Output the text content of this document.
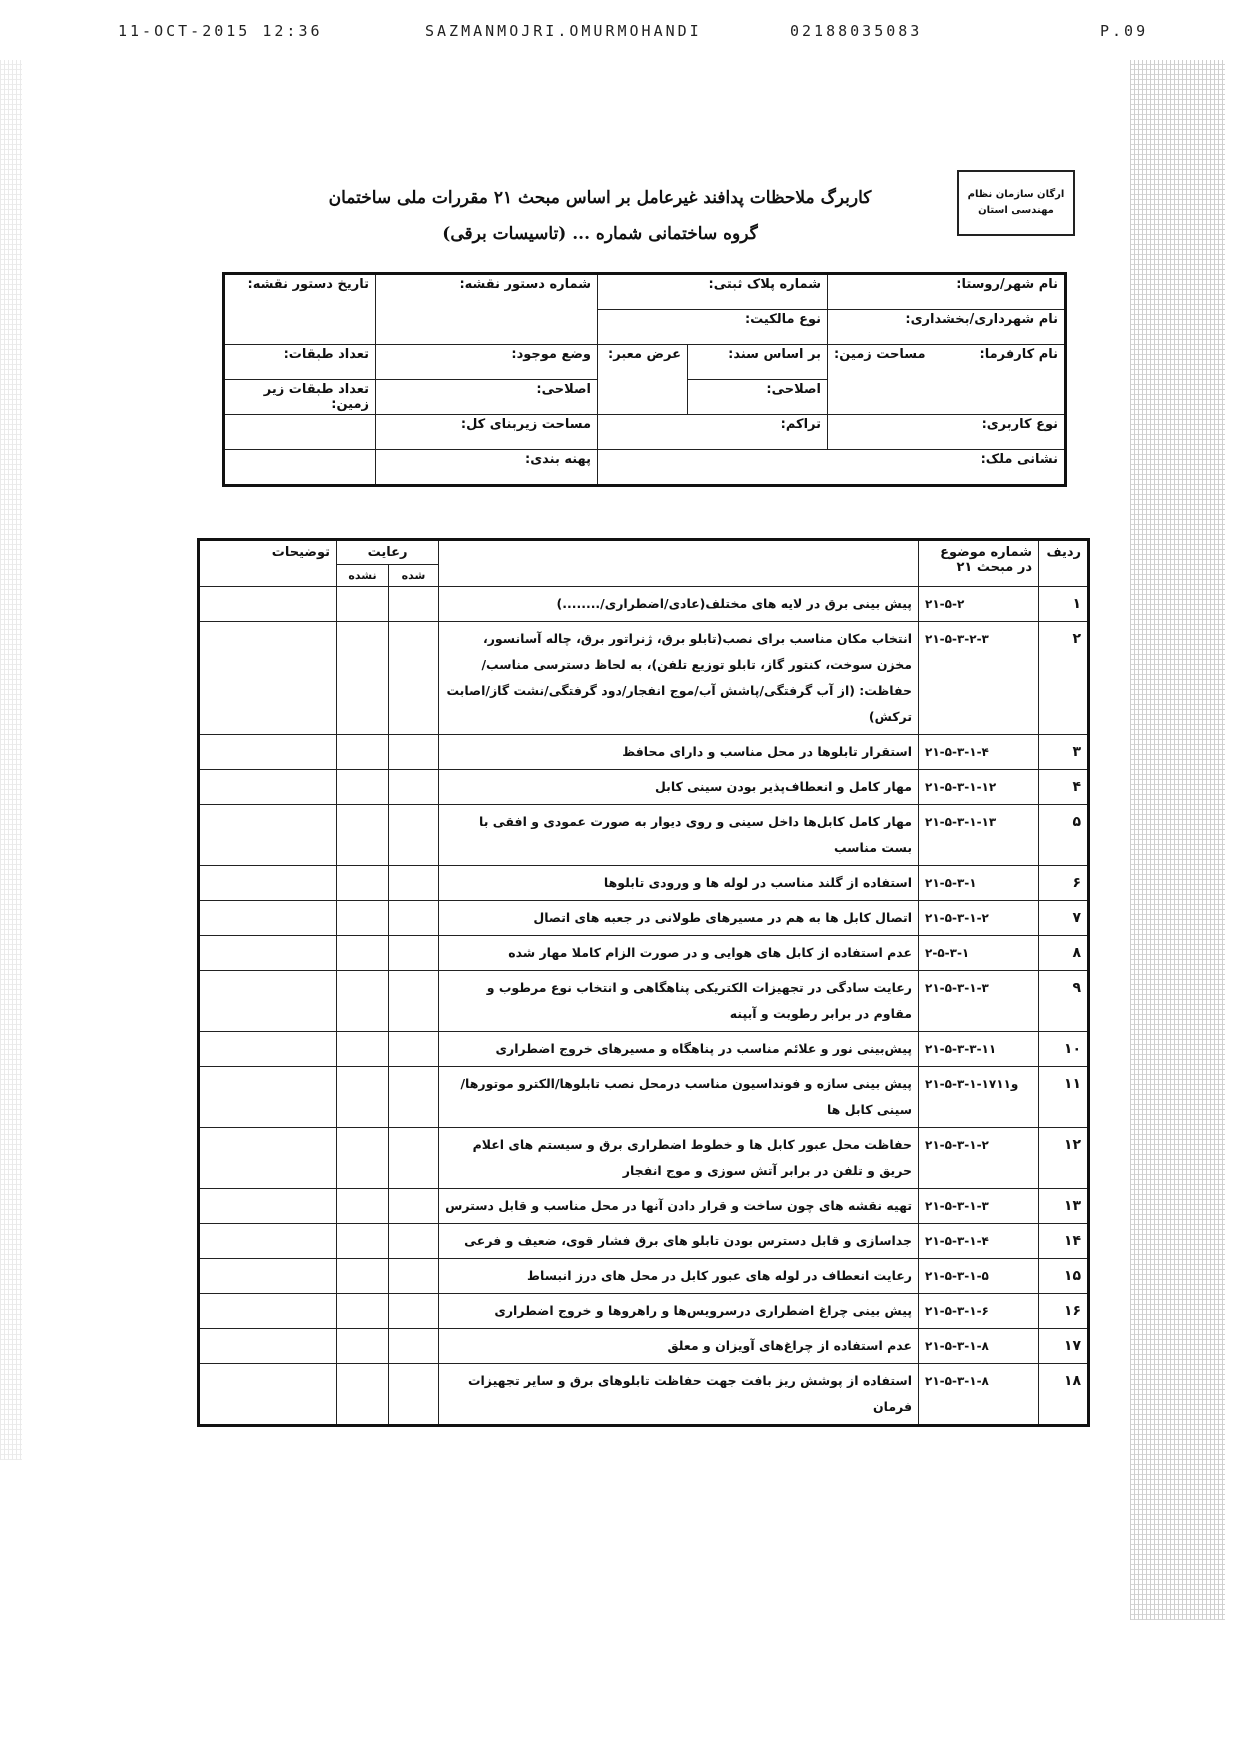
11-OCT-2015 12:36	SAZMANMOJRI.OMURMOHANDI	02188035083	P.09
ارگان سازمان نظام
مهندسی استان
کاربرگ ملاحظات پدافند غیرعامل بر اساس مبحث ۲۱ مقررات ملی ساختمان
گروه ساختمانی شماره ... (تاسیسات برقی)
نام شهر/روستا:	شماره پلاک ثبتی:		شماره دستور نقشه:	تاریخ دستور نقشه:
نام شهرداری/بخشداری:	نوع مالکیت:			
نام کارفرما:
مساحت زمین:	بر اساس سند:	عرض معبر:	وضع موجود:	تعداد طبقات:
	اصلاحی:		اصلاحی:	تعداد طبقات زیر زمین:
نوع کاربری:	تراکم:		مساحت زیربنای کل:	
نشانی ملک:			پهنه بندی:	
ردیف	شماره موضوع در مبحث ۲۱		رعایت		توضیحات
			شده	نشده	
۱	۲۱-۵-۲	پیش بینی برق در لایه های مختلف(عادی/اضطراری/........)			
۲	۲۱-۵-۳-۲-۳	انتخاب مکان مناسب برای نصب(تابلو برق، ژنراتور برق، چاله آسانسور، مخزن سوخت، کنتور گاز، تابلو توزیع تلفن)، به لحاظ دسترسی مناسب/حفاظت: (از آب گرفتگی/پاشش آب/موج انفجار/دود گرفتگی/نشت گاز/اصابت ترکش)			
۳	۲۱-۵-۳-۱-۴	استقرار تابلوها در محل مناسب و دارای محافظ			
۴	۲۱-۵-۳-۱-۱۲	مهار کامل و انعطاف‌پذیر بودن سینی کابل			
۵	۲۱-۵-۳-۱-۱۳	مهار کامل کابل‌ها داخل سینی و روی دیوار به صورت عمودی و افقی با بست مناسب			
۶	۲۱-۵-۳-۱	استفاده از گلند مناسب در لوله ها و ورودی تابلوها			
۷	۲۱-۵-۳-۱-۲	اتصال کابل ها به هم در مسیرهای طولانی در جعبه های اتصال			
۸	۲-۵-۳-۱	عدم استفاده از کابل های هوایی و در صورت الزام کاملا مهار شده			
۹	۲۱-۵-۳-۱-۳	رعایت سادگی در تجهیزات الکتریکی پناهگاهی و انتخاب نوع مرطوب و مقاوم در برابر رطوبت و آبپنه			
۱۰	۲۱-۵-۳-۳-۱۱	پیش‌بینی نور و علائم مناسب در پناهگاه و مسیرهای خروج اضطراری			
۱۱	۲۱-۵-۳-۱-۱۷و۱۱	پیش بینی سازه و فونداسیون مناسب درمحل نصب تابلوها/الکترو موتورها/سینی کابل ها			
۱۲	۲۱-۵-۳-۱-۲	حفاظت محل عبور کابل ها و خطوط اضطراری برق و سیستم های اعلام حریق و تلفن در برابر آتش سوزی و موج انفجار			
۱۳	۲۱-۵-۳-۱-۳	تهیه نقشه های چون ساخت و قرار دادن آنها در محل مناسب و قابل دسترس			
۱۴	۲۱-۵-۳-۱-۴	جداسازی و قابل دسترس بودن تابلو های برق فشار قوی، ضعیف و فرعی			
۱۵	۲۱-۵-۳-۱-۵	رعایت انعطاف در لوله های عبور کابل در محل های درز انبساط			
۱۶	۲۱-۵-۳-۱-۶	پیش بینی چراغ اضطراری درسرویس‌ها و راهروها و خروج اضطراری			
۱۷	۲۱-۵-۳-۱-۸	عدم استفاده از چراغ‌های آویزان و معلق			
۱۸	۲۱-۵-۳-۱-۸	استفاده از پوشش ریز بافت جهت حفاظت تابلوهای برق و سایر تجهیزات فرمان			
